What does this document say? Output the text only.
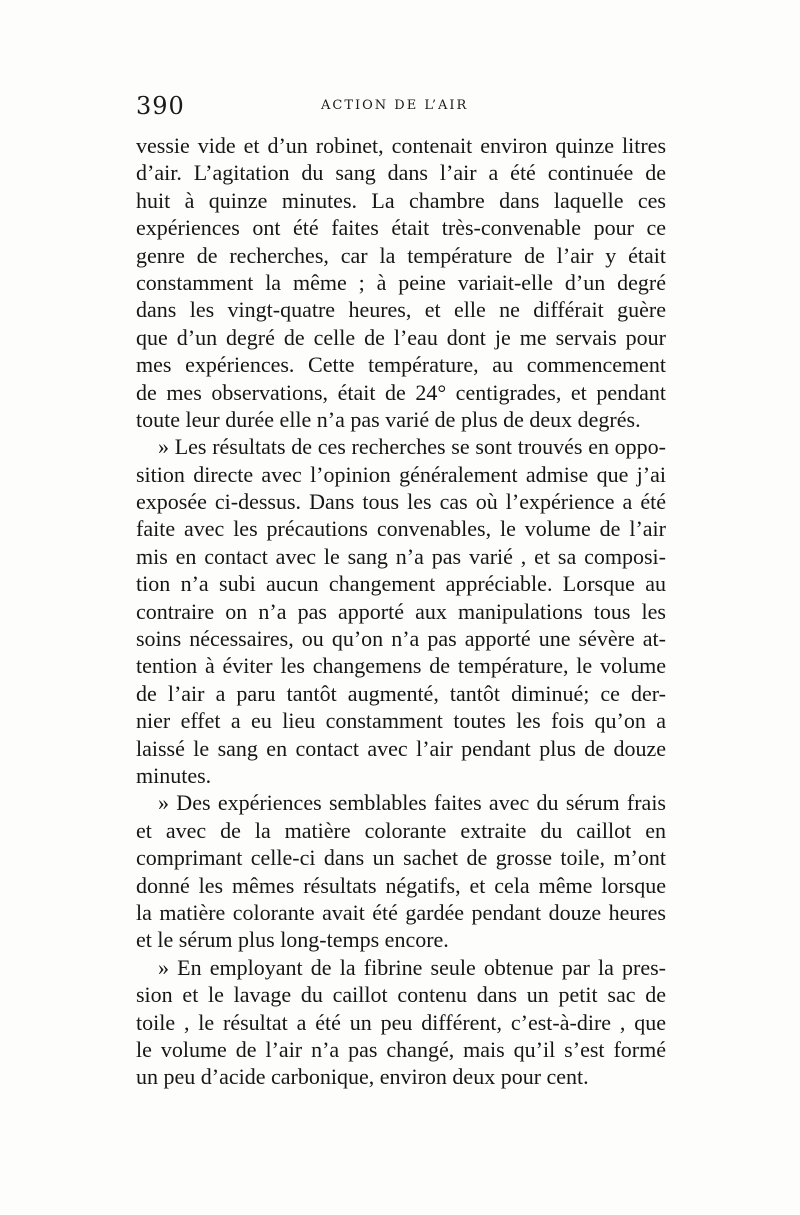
390	ACTION DE L’AIR
vessie vide et d’un robinet, contenait environ quinze litres
d’air. L’agitation du sang dans l’air a été continuée de
huit à quinze minutes. La chambre dans laquelle ces
expériences ont été faites était très-convenable pour ce
genre de recherches, car la température de l’air y était
constamment la même ; à peine variait-elle d’un degré
dans les vingt-quatre heures, et elle ne différait guère
que d’un degré de celle de l’eau dont je me servais pour
mes expériences. Cette température, au commencement
de mes observations, était de 24° centigrades, et pendant
toute leur durée elle n’a pas varié de plus de deux degrés.
» Les résultats de ces recherches se sont trouvés en oppo-
sition directe avec l’opinion généralement admise que j’ai
exposée ci-dessus. Dans tous les cas où l’expérience a été
faite avec les précautions convenables, le volume de l’air
mis en contact avec le sang n’a pas varié , et sa composi-
tion n’a subi aucun changement appréciable. Lorsque au
contraire on n’a pas apporté aux manipulations tous les
soins nécessaires, ou qu’on n’a pas apporté une sévère at-
tention à éviter les changemens de température, le volume
de l’air a paru tantôt augmenté, tantôt diminué; ce der-
nier effet a eu lieu constamment toutes les fois qu’on a
laissé le sang en contact avec l’air pendant plus de douze
minutes.
» Des expériences semblables faites avec du sérum frais
et avec de la matière colorante extraite du caillot en
comprimant celle-ci dans un sachet de grosse toile, m’ont
donné les mêmes résultats négatifs, et cela même lorsque
la matière colorante avait été gardée pendant douze heures
et le sérum plus long-temps encore.
» En employant de la fibrine seule obtenue par la pres-
sion et le lavage du caillot contenu dans un petit sac de
toile , le résultat a été un peu différent, c’est-à-dire , que
le volume de l’air n’a pas changé, mais qu’il s’est formé
un peu d’acide carbonique, environ deux pour cent.
